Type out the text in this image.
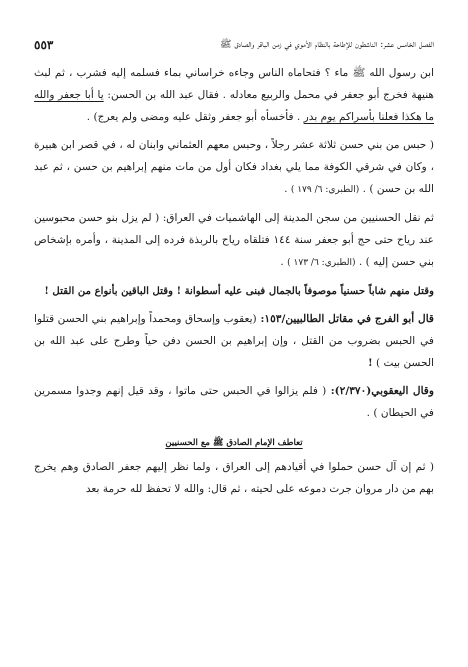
الفصل الخامس عشر: الناشطون للإطاحة بالنظام الأموي في زمن الباقر والصادق ﷺ
٥٥٣
ابن رسول الله ﷺ ماء ؟ فتحاماه الناس وجاءه خراساني بماء فسلمه إليه فشرب ، ثم لبث هنيهة فخرج أبو جعفر في محمل والربيع معادله . فقال عبد الله بن الحسن: يا أبا جعفر والله ما هكذا فعلنا بأسراكم يوم بدر . فأخسأه أبو جعفر وثقل عليه ومضى ولم يعرج) .
( حبس من بني حسن ثلاثة عشر رجلاً ، وحبس معهم العثماني وابنان له ، في قصر ابن هبيرة ، وكان في شرقي الكوفة مما يلي بغداد فكان أول من مات منهم إبراهيم بن حسن ، ثم عبد الله بن حسن ) . (الطبري: ٦/ ١٧٩ ) .
ثم نقل الحسنيين من سجن المدينة إلى الهاشميات في العراق: ( لم يزل بنو حسن محبوسين عند رياح حتى حج أبو جعفر سنة ١٤٤ فتلقاه رياح بالربذة فرده إلى المدينة ، وأمره بإشخاص بني حسن إليه ) . (الطبري: ٦/ ١٧٣ ) .
وقتل منهم شاباً حسنياً موصوفاً بالجمال فبنى عليه أسطوانة ! وقتل الباقين بأنواع من القتل !
قال أبو الفرج في مقاتل الطالبيين/١٥٣: (يعقوب وإسحاق ومحمداً وإبراهيم بني الحسن قتلوا في الحبس بضروب من القتل ، وإن إبراهيم بن الحسن دفن حياً وطرح على عبد الله بن الحسن بيت ) !
وقال اليعقوبي(٢/٣٧٠): ( فلم يزالوا في الحبس حتى ماتوا ، وقد قيل إنهم وجدوا مسمرين في الحيطان ) .
تعاطف الإمام الصادق ﷺ مع الحسنيين
( ثم إن آل حسن حملوا في أقيادهم إلى العراق ، ولما نظر إليهم جعفر الصادق وهم يخرج بهم من دار مروان جرت دموعه على لحيته ، ثم قال: والله لا تحفظ لله حرمة بعد
